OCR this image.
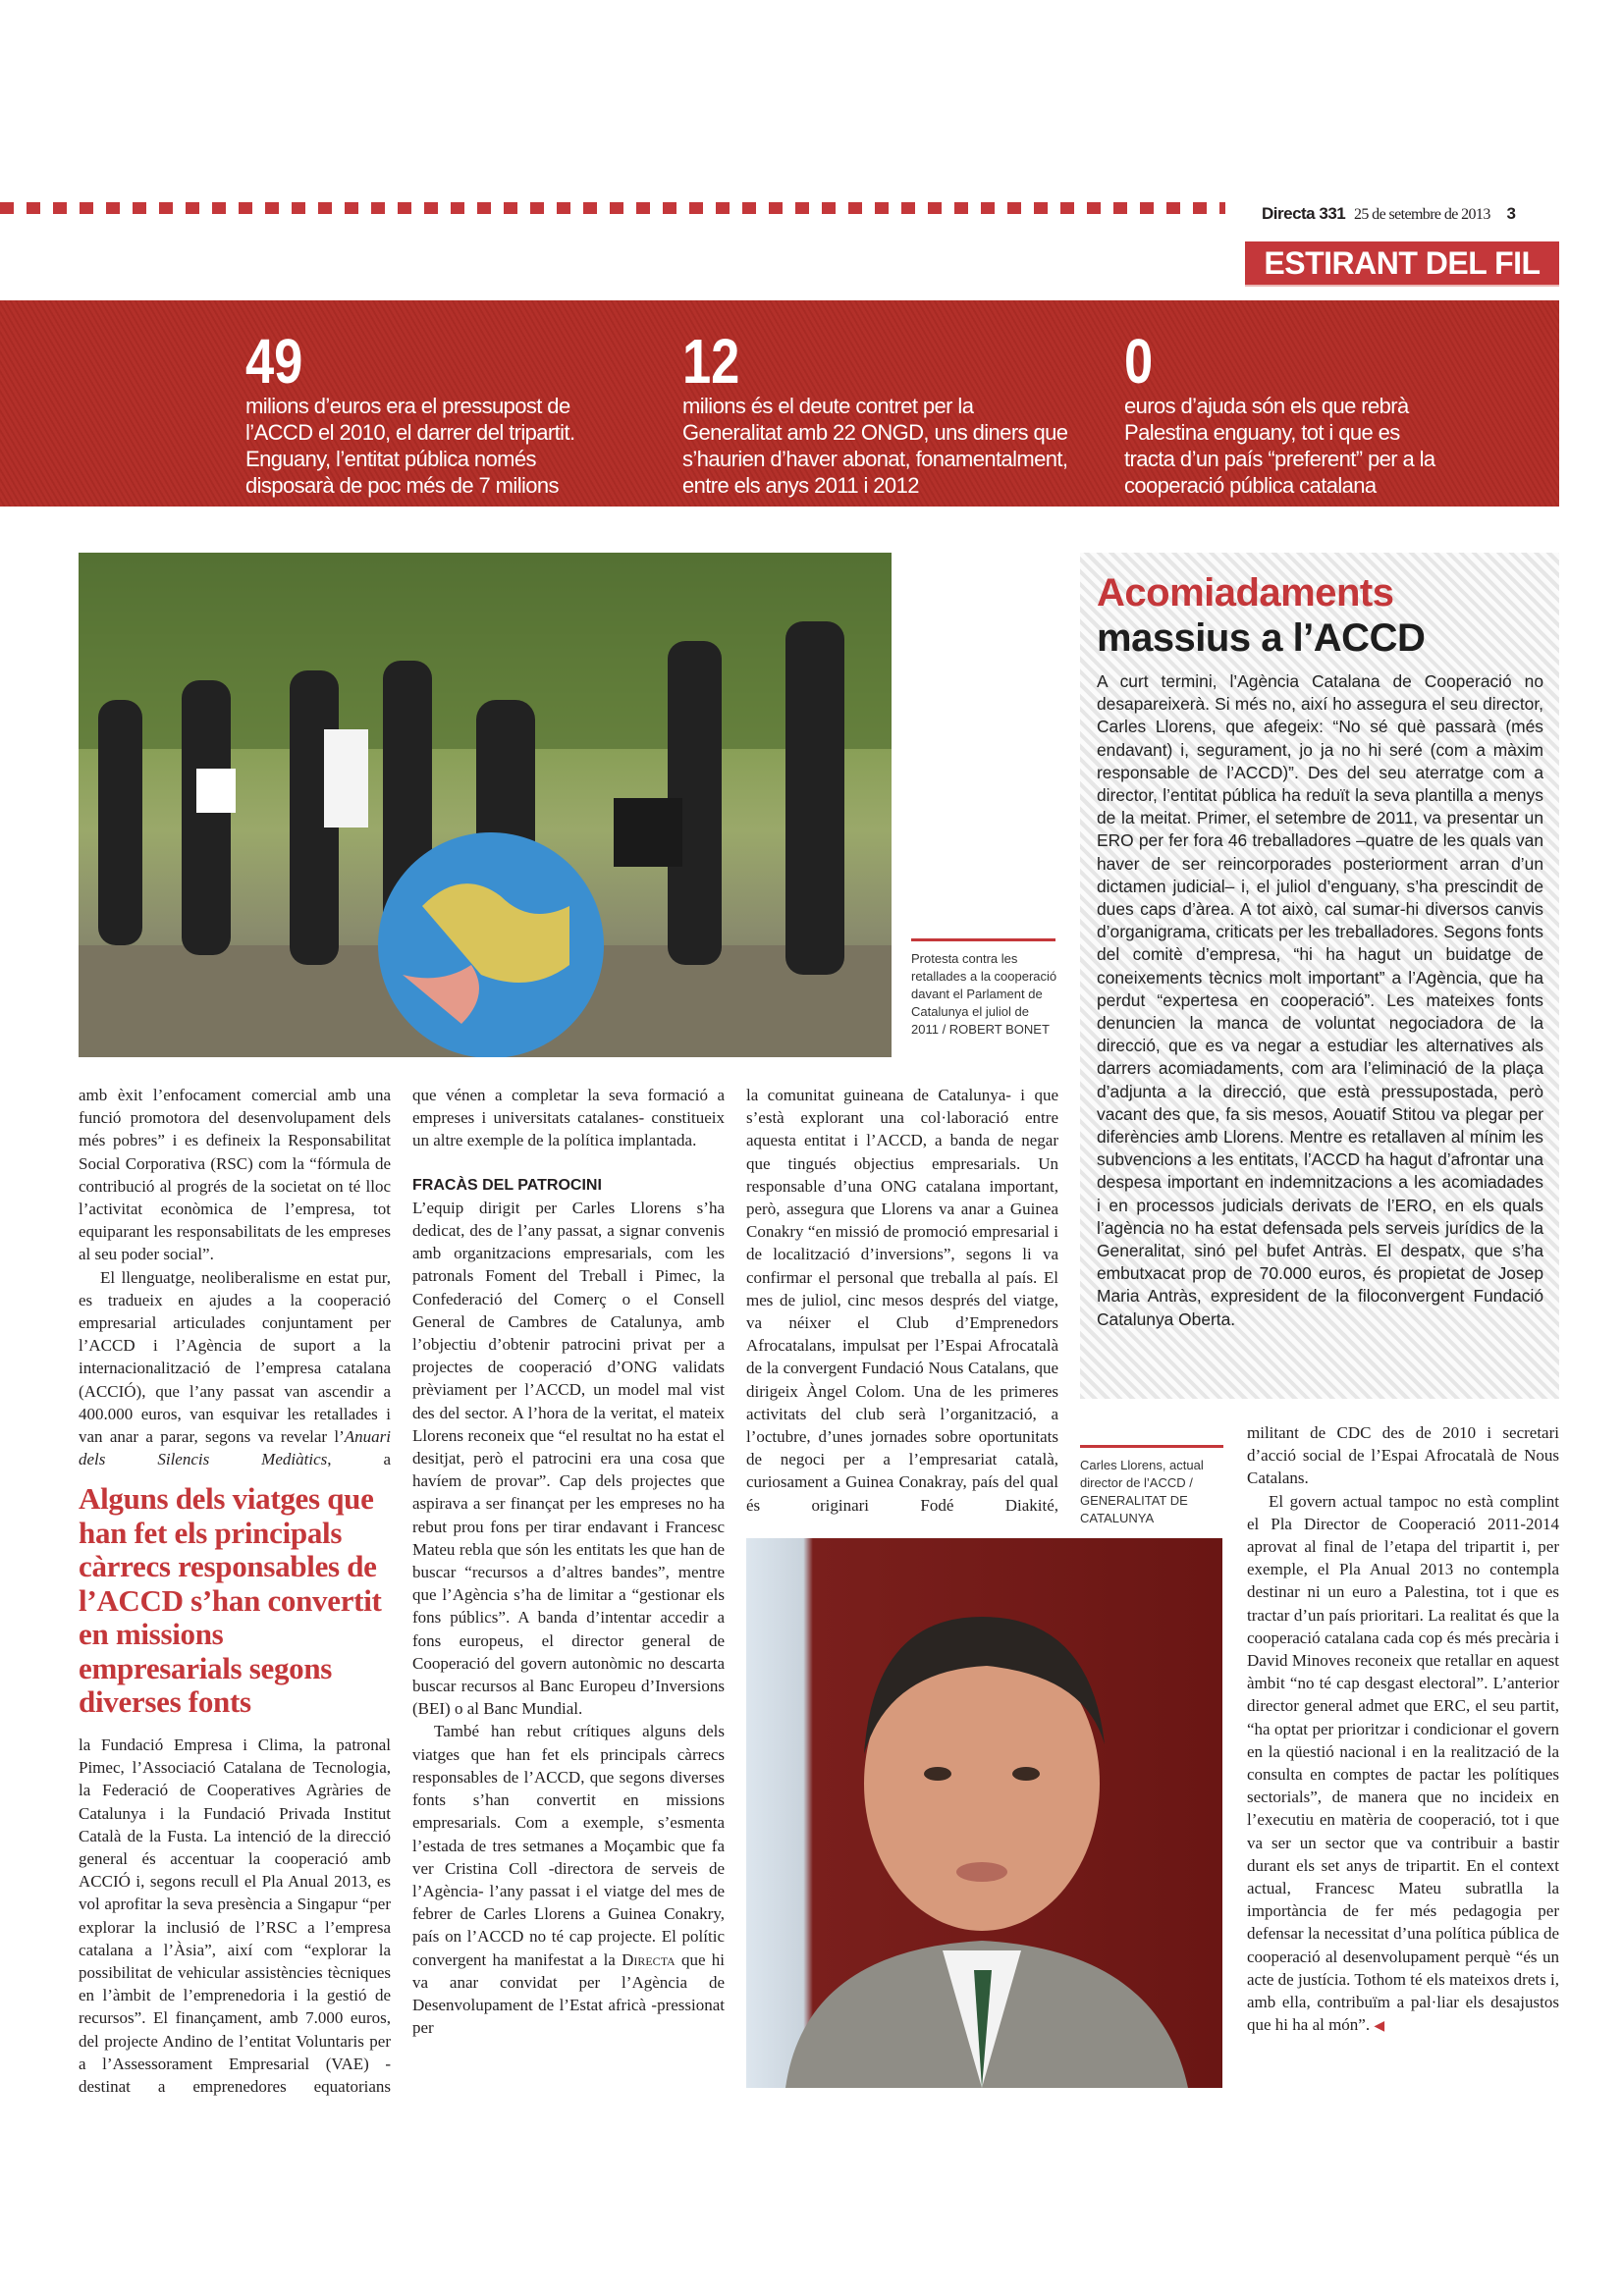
Directa 331 25 de setembre de 2013 3
ESTIRANT DEL FIL
49
milions d’euros era el pressupost de
l’ACCD el 2010, el darrer del tripartit.
Enguany, l’entitat pública només
disposarà de poc més de 7 milions
12
milions és el deute contret per la
Generalitat amb 22 ONGD, uns diners que
s’haurien d’haver abonat, fonamentalment,
entre els anys 2011 i 2012
0
euros d’ajuda són els que rebrà
Palestina enguany, tot i que es
tracta d’un país “preferent” per a la
cooperació pública catalana
Protesta contra les retallades a la cooperació davant el Parlament de Catalunya el juliol de 2011 / ROBERT BONET
Acomiadaments
massius a l’ACCD

A curt termini, l’Agència Catalana de Cooperació no desapareixerà. Si més no, així ho assegura el seu director, Carles Llorens, que afegeix: “No sé què passarà (més endavant) i, segurament, jo ja no hi seré (com a màxim responsable de l’ACCD)”. Des del seu aterratge com a director, l’entitat pública ha reduït la seva plantilla a menys de la meitat. Primer, el setembre de 2011, va presentar un ERO per fer fora 46 treballadores –quatre de les quals van haver de ser reincorporades posteriorment arran d’un dictamen judicial– i, el juliol d’enguany, s’ha prescindit de dues caps d’àrea. A tot això, cal sumar-hi diversos canvis d’organigrama, criticats per les treballadores. Segons fonts del comitè d’empresa, “hi ha hagut un buidatge de coneixements tècnics molt important” a l’Agència, que ha perdut “expertesa en cooperació”. Les mateixes fonts denuncien la manca de voluntat negociadora de la direcció, que es va negar a estudiar les alternatives als darrers acomiadaments, com ara l’eliminació de la plaça d’adjunta a la direcció, que està pressupostada, però vacant des que, fa sis mesos, Aouatif Stitou va plegar per diferències amb Llorens. Mentre es retallaven al mínim les subvencions a les entitats, l’ACCD ha hagut d’afrontar una despesa important en indemnitzacions a les acomiadades i en processos judicials derivats de l’ERO, en els quals l’agència no ha estat defensada pels serveis jurídics de la Generalitat, sinó pel bufet Antràs. El despatx, que s’ha embutxacat prop de 70.000 euros, és propietat de Josep Maria Antràs, expresident de la filoconvergent Fundació Catalunya Oberta.

amb èxit l’enfocament comercial amb una funció promotora del desenvolupament dels més pobres” i es defineix la Responsabilitat Social Corporativa (RSC) com la “fórmula de contribució al progrés de la societat on té lloc l’activitat econòmica de l’empresa, tot equiparant les responsabilitats de les empreses al seu poder social”.

El llenguatge, neoliberalisme en estat pur, es tradueix en ajudes a la cooperació empresarial articulades conjuntament per l’ACCD i l’Agència de suport a la internacionalització de l’empresa catalana (ACCIÓ), que l’any passat van ascendir a 400.000 euros, van esquivar les retallades i van anar a parar, segons va revelar l’Anuari dels Silencis Mediàtics, a

Alguns dels viatges que han fet els principals càrrecs responsables de l’ACCD s’han convertit en missions empresarials segons diverses fonts

la Fundació Empresa i Clima, la patronal Pimec, l’Associació Catalana de Tecnologia, la Federació de Cooperatives Agràries de Catalunya i la Fundació Privada Institut Català de la Fusta. La intenció de la direcció general és accentuar la cooperació amb ACCIÓ i, segons recull el Pla Anual 2013, es vol aprofitar la seva presència a Singapur “per explorar la inclusió de l’RSC a l’empresa catalana a l’Àsia”, així com “explorar la possibilitat de vehicular assistències tècniques en l’àmbit de l’emprenedoria i la gestió de recursos”. El finançament, amb 7.000 euros, del projecte Andino de l’entitat Voluntaris per a l’Assessorament Empresarial (VAE) -destinat a emprenedores equatorians

que vénen a completar la seva formació a empreses i universitats catalanes- constitueix un altre exemple de la política implantada.

FRACÀS DEL PATROCINI

L’equip dirigit per Carles Llorens s’ha dedicat, des de l’any passat, a signar convenis amb organitzacions empresarials, com les patronals Foment del Treball i Pimec, la Confederació del Comerç o el Consell General de Cambres de Catalunya, amb l’objectiu d’obtenir patrocini privat per a projectes de cooperació d’ONG validats prèviament per l’ACCD, un model mal vist des del sector. A l’hora de la veritat, el mateix Llorens reconeix que “el resultat no ha estat el desitjat, però el patrocini era una cosa que havíem de provar”. Cap dels projectes que aspirava a ser finançat per les empreses no ha rebut prou fons per tirar endavant i Francesc Mateu rebla que són les entitats les que han de buscar “recursos a d’altres bandes”, mentre que l’Agència s’ha de limitar a “gestionar els fons públics”. A banda d’intentar accedir a fons europeus, el director general de Cooperació del govern autonòmic no descarta buscar recursos al Banc Europeu d’Inversions (BEI) o al Banc Mundial.

També han rebut crítiques alguns dels viatges que han fet els principals càrrecs responsables de l’ACCD, que segons diverses fonts s’han convertit en missions empresarials. Com a exemple, s’esmenta l’estada de tres setmanes a Moçambic que fa ver Cristina Coll -directora de serveis de l’Agència- l’any passat i el viatge del mes de febrer de Carles Llorens a Guinea Conakry, país on l’ACCD no té cap projecte. El polític convergent ha manifestat a la Directa que hi va anar convidat per l’Agència de Desenvolupament de l’Estat africà -pressionat per

la comunitat guineana de Catalunya- i que s’està explorant una col·laboració entre aquesta entitat i l’ACCD, a banda de negar que tingués objectius empresarials. Un responsable d’una ONG catalana important, però, assegura que Llorens va anar a Guinea Conakry “en missió de promoció empresarial i de localització d’inversions”, segons li va confirmar el personal que treballa al país. El mes de juliol, cinc mesos després del viatge, va néixer el Club d’Emprenedors Afrocatalans, impulsat per l’Espai Afrocatalà de la convergent Fundació Nous Catalans, que dirigeix Àngel Colom. Una de les primeres activitats del club serà l’organització, a l’octubre, d’unes jornades sobre oportunitats de negoci per a l’empresariat català, curiosament a Guinea Conakray, país del qual és originari Fodé Diakité,

Carles Llorens, actual director de l’ACCD / GENERALITAT DE CATALUNYA

militant de CDC des de 2010 i secretari d’acció social de l’Espai Afrocatalà de Nous Catalans.

El govern actual tampoc no està complint el Pla Director de Cooperació 2011-2014 aprovat al final de l’etapa del tripartit i, per exemple, el Pla Anual 2013 no contempla destinar ni un euro a Palestina, tot i que es tractar d’un país prioritari. La realitat és que la cooperació catalana cada cop és més precària i David Minoves reconeix que retallar en aquest àmbit “no té cap desgast electoral”. L’anterior director general admet que ERC, el seu partit, “ha optat per prioritzar i condicionar el govern en la qüestió nacional i en la realització de la consulta en comptes de pactar les polítiques sectorials”, de manera que no incideix en l’executiu en matèria de cooperació, tot i que va ser un sector que va contribuir a bastir durant els set anys de tripartit. En el context actual, Francesc Mateu subratlla la importància de fer més pedagogia per defensar la necessitat d’una política pública de cooperació al desenvolupament perquè “és un acte de justícia. Tothom té els mateixos drets i, amb ella, contribuïm a pal·liar els desajustos que hi ha al món”. ◀
